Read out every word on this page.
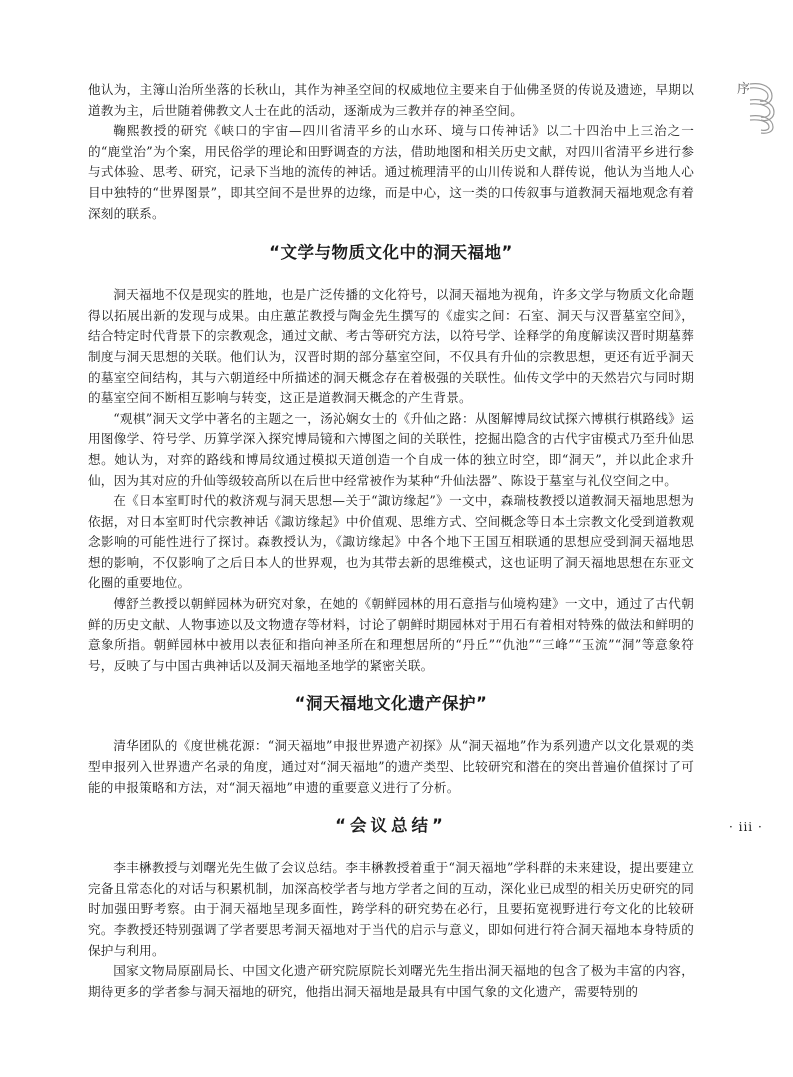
序

他认为，主簿山治所坐落的长秋山，其作为神圣空间的权威地位主要来自于仙佛圣贤的传说及遗迹，早期以道教为主，后世随着佛教文人士在此的活动，逐渐成为三教并存的神圣空间。

鞠熙教授的研究《峡口的宇宙—四川省清平乡的山水环、境与口传神话》以二十四治中上三治之一的“鹿堂治”为个案，用民俗学的理论和田野调查的方法，借助地图和相关历史文献，对四川省清平乡进行参与式体验、思考、研究，记录下当地的流传的神话。通过梳理清平的山川传说和人群传说，他认为当地人心目中独特的“世界图景”，即其空间不是世界的边缘，而是中心，这一类的口传叙事与道教洞天福地观念有着深刻的联系。

“文学与物质文化中的洞天福地”

洞天福地不仅是现实的胜地，也是广泛传播的文化符号，以洞天福地为视角，许多文学与物质文化命题得以拓展出新的发现与成果。由庄蕙芷教授与陶金先生撰写的《虚实之间：石室、洞天与汉晋墓室空间》，结合特定时代背景下的宗教观念，通过文献、考古等研究方法，以符号学、诠释学的角度解读汉晋时期墓葬制度与洞天思想的关联。他们认为，汉晋时期的部分墓室空间，不仅具有升仙的宗教思想，更还有近乎洞天的墓室空间结构，其与六朝道经中所描述的洞天概念存在着极强的关联性。仙传文学中的天然岩穴与同时期的墓室空间不断相互影响与转变，这正是道教洞天概念的产生背景。

“观棋”洞天文学中著名的主题之一，汤沁娴女士的《升仙之路：从图解博局纹试探六博棋行棋路线》运用图像学、符号学、历算学深入探究博局镜和六博图之间的关联性，挖掘出隐含的古代宇宙模式乃至升仙思想。她认为，对弈的路线和博局纹通过模拟天道创造一个自成一体的独立时空，即“洞天”，并以此企求升仙，因为其对应的升仙等级较高所以在后世中经常被作为某种“升仙法器”、陈设于墓室与礼仪空间之中。

在《日本室町时代的救济观与洞天思想—关于“諏访缘起”》一文中，森瑞枝教授以道教洞天福地思想为依据，对日本室町时代宗教神话《諏访缘起》中价值观、思维方式、空间概念等日本土宗教文化受到道教观念影响的可能性进行了探讨。森教授认为，《諏访缘起》中各个地下王国互相联通的思想应受到洞天福地思想的影响，不仅影响了之后日本人的世界观，也为其带去新的思维模式，这也证明了洞天福地思想在东亚文化圈的重要地位。

傅舒兰教授以朝鲜园林为研究对象，在她的《朝鲜园林的用石意指与仙境构建》一文中，通过了古代朝鲜的历史文献、人物事迹以及文物遗存等材料，讨论了朝鲜时期园林对于用石有着相对特殊的做法和鲜明的意象所指。朝鲜园林中被用以表征和指向神圣所在和理想居所的“丹丘”“仇池”“三峰”“玉流”“洞”等意象符号，反映了与中国古典神话以及洞天福地圣地学的紧密关联。

“洞天福地文化遗产保护”

清华团队的《度世桃花源：“洞天福地”申报世界遗产初探》从“洞天福地”作为系列遗产以文化景观的类型申报列入世界遗产名录的角度，通过对“洞天福地”的遗产类型、比较研究和潜在的突出普遍价值探讨了可能的申报策略和方法，对“洞天福地”申遗的重要意义进行了分析。

“会议总结”

李丰楙教授与刘曙光先生做了会议总结。李丰楙教授着重于“洞天福地”学科群的未来建设，提出要建立完备且常态化的对话与积累机制，加深高校学者与地方学者之间的互动，深化业已成型的相关历史研究的同时加强田野考察。由于洞天福地呈现多面性，跨学科的研究势在必行，且要拓宽视野进行夸文化的比较研究。李教授还特别强调了学者要思考洞天福地对于当代的启示与意义，即如何进行符合洞天福地本身特质的保护与利用。

国家文物局原副局长、中国文化遗产研究院原院长刘曙光先生指出洞天福地的包含了极为丰富的内容，期待更多的学者参与洞天福地的研究，他指出洞天福地是最具有中国气象的文化遗产，需要特别的

· iii ·
